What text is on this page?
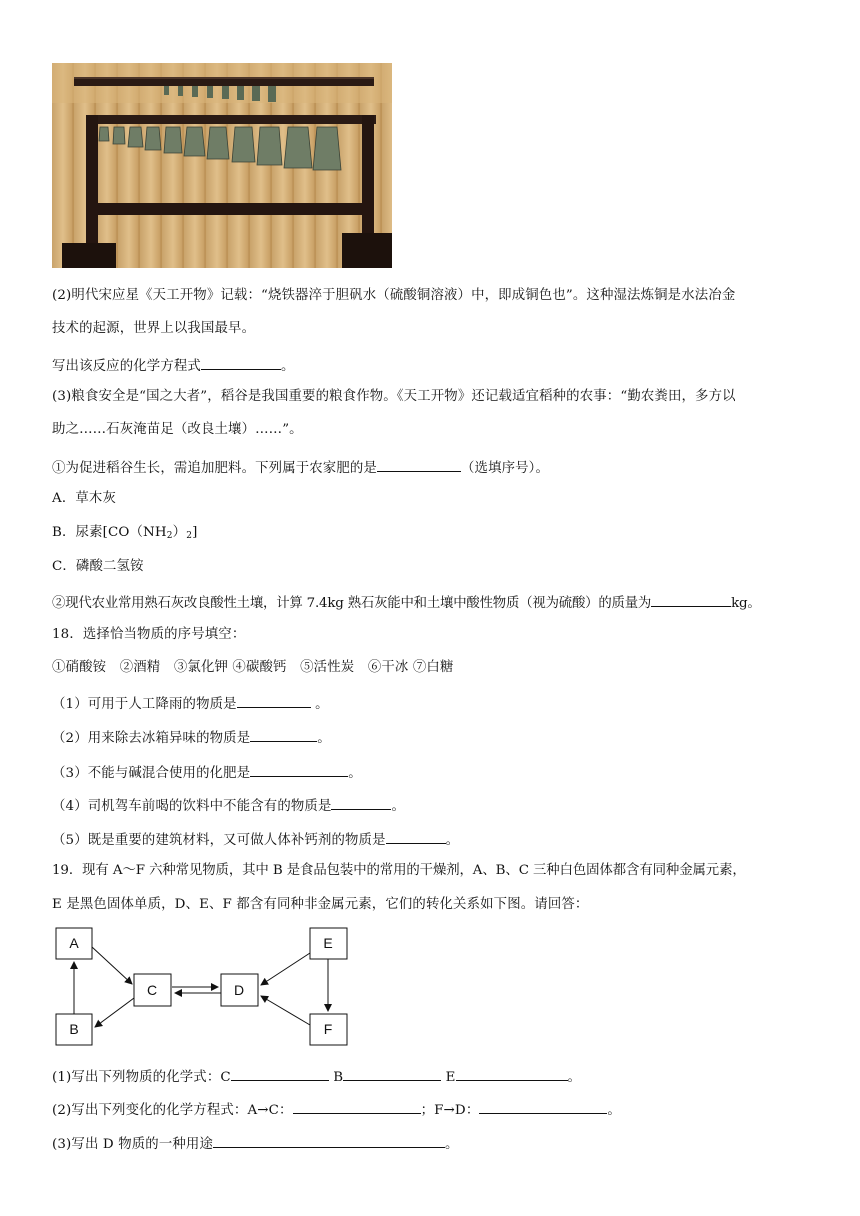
(2)明代宋应星《天工开物》记载：“烧铁器淬于胆矾水（硫酸铜溶液）中，即成铜色也”。这种湿法炼铜是水法冶金
技术的起源，世界上以我国最早。
写出该反应的化学方程式	。
(3)粮食安全是“国之大者”，稻谷是我国重要的粮食作物。《天工开物》还记载适宜稻种的农事：“勤农粪田，多方以
助之……石灰淹苗足（改良土壤）……”。
①为促进稻谷生长，需追加肥料。下列属于农家肥的是	（选填序号）。
A．草木灰
B．尿素$[CO(NH_2)_2]$
C．磷酸二氢铵
②现代农业常用熟石灰改良酸性土壤，计算 7.4kg 熟石灰能中和土壤中酸性物质（视为硫酸）的质量为	kg。
18．选择恰当物质的序号填空：
①硝酸铵　②酒精　③氯化钾 ④碳酸钙　⑤活性炭　⑥干冰 ⑦白糖
（1）可用于人工降雨的物质是	。
（2）用来除去冰箱异味的物质是	。
（3）不能与碱混合使用的化肥是	。
（4）司机驾车前喝的饮料中不能含有的物质是	。
（5）既是重要的建筑材料，又可做人体补钙剂的物质是	。
19．现有 A～F 六种常见物质，其中 B 是食品包装中的常用的干燥剂，A、B、C 三种白色固体都含有同种金属元素，
E 是黑色固体单质，D、E、F 都含有同种非金属元素，它们的转化关系如下图。请回答：
A
B
C	D
E
F
(1)写出下列物质的化学式：C	B	E	。
(2)写出下列变化的化学方程式：A→C：	；F→D：	。
(3)写出 D 物质的一种用途	。
